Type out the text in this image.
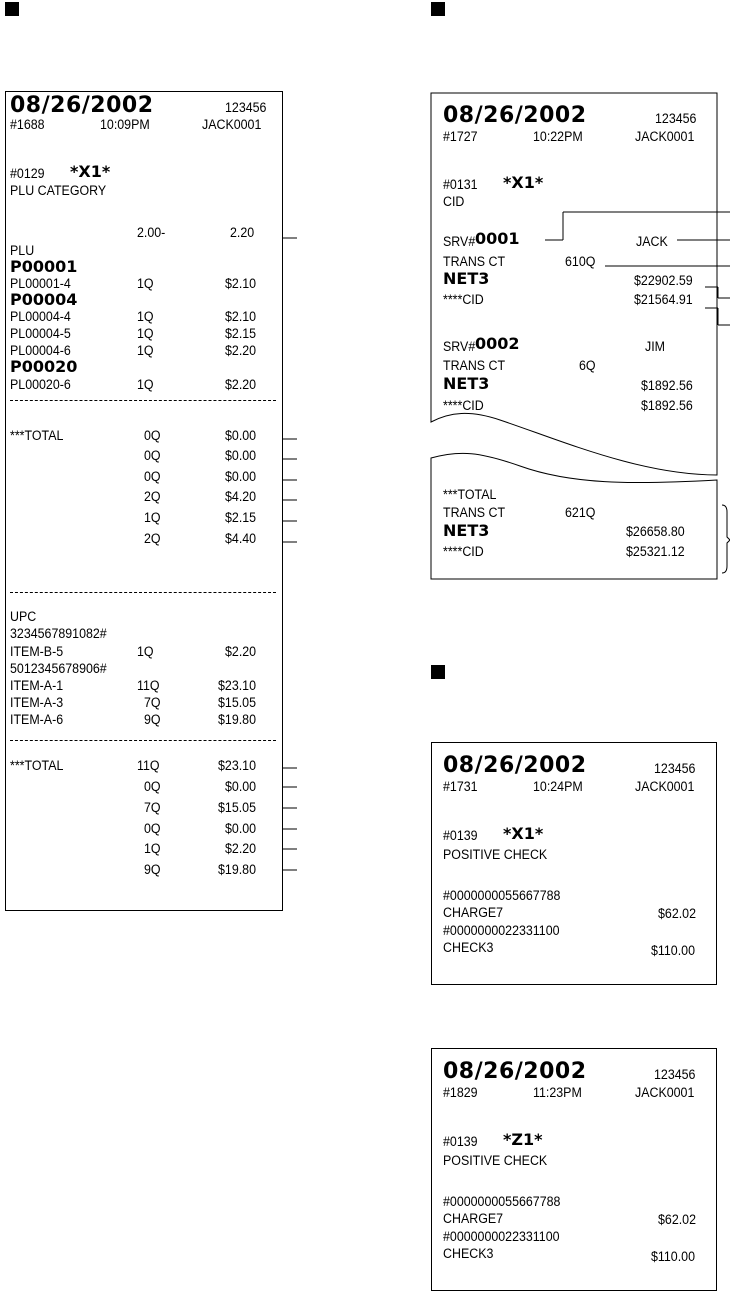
08/26/2002	123456
#1688	10:09PM	JACK0001
#0129 *X1*
PLU CATEGORY
2.00-	2.20
PLU
P00001
PL00001-4	1Q	$2.10
P00004
PL00004-4	1Q	$2.10
PL00004-5	1Q	$2.15
PL00004-6	1Q	$2.20
P00020
PL00020-6	1Q	$2.20
***TOTAL	0Q	$0.00
0Q	$0.00
0Q	$0.00
2Q	$4.20
1Q	$2.15
2Q	$4.40
UPC
3234567891082#
ITEM-B-5	1Q	$2.20
5012345678906#
ITEM-A-1	11Q	$23.10
ITEM-A-3	7Q	$15.05
ITEM-A-6	9Q	$19.80
***TOTAL	11Q	$23.10
0Q	$0.00
7Q	$15.05
0Q	$0.00
1Q	$2.20
9Q	$19.80
08/26/2002	123456
#1727	10:22PM	JACK0001
#0131 *X1*
CID
SRV# 0001	JACK
TRANS CT	610Q
NET3	$22902.59
****CID	$21564.91
SRV# 0002	JIM
TRANS CT	6Q
NET3	$1892.56
****CID	$1892.56
***TOTAL
TRANS CT	621Q
NET3	$26658.80
****CID	$25321.12
08/26/2002	123456
#1731	10:24PM	JACK0001
#0139 *X1*
POSITIVE CHECK
#0000000055667788
CHARGE7	$62.02
#0000000022331100
CHECK3	$110.00
08/26/2002	123456
#1829	11:23PM	JACK0001
#0139 *Z1*
POSITIVE CHECK
#0000000055667788
CHARGE7	$62.02
#0000000022331100
CHECK3	$110.00
